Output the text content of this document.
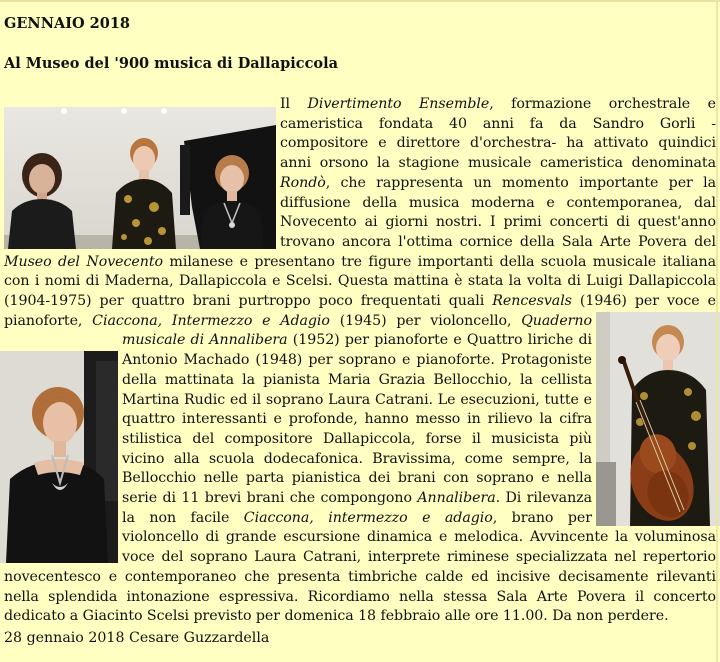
GENNAIO 2018

Al Museo del '900 musica di Dallapiccola

Il Divertimento Ensemble
, formazione orchestrale e cameristica fondata 40 anni fa da Sandro Gorli - compositore e direttore d'orchestra- ha attivato quindici anni orsono la stagione musicale cameristica denominata Rondò, che rappresenta un momento importante per la diffusione della musica moderna e contemporanea, dal Novecento ai giorni nostri. I primi concerti di quest'anno trovano ancora l'ottima cornice della Sala Arte Povera del Museo del Novecento milanese e presentano tre figure importanti della scuola musicale italiana con i nomi di Maderna, Dallapiccola e Scelsi. Questa mattina è stata la volta di Luigi Dallapiccola (1904-1975) per quattro brani purtroppo poco frequentati quali Rencesvals (1946) per voce e pianoforte,
Ciaccona, Intermezzo e Adagio (1945) per violoncello, Quaderno musicale di Annalibera
(1952) per pianoforte e Quattro liriche di Antonio Machado (1948) per soprano e pianoforte. Protagoniste della mattinata la pianista Maria Grazia Bellocchio, la cellista Martina Rudic ed il soprano Laura Catrani. Le esecuzioni, tutte e quattro interessanti e profonde, hanno messo in rilievo la cifra stilistica del compositore Dallapiccola, forse il musicista più vicino alla scuola dodecafonica. Bravissima, come sempre, la Bellocchio nelle parta pianistica dei brani con soprano e nella serie di 11 brevi brani che compongono Annalibera. Di rilevanza la non facile Ciaccona, intermezzo e adagio, brano per violoncello di grande escursione dinamica e melodica. Avvincente la voluminosa voce del soprano Laura Catrani, interprete riminese specializzata nel repertorio novecentesco e contemporaneo che presenta timbriche calde ed incisive decisamente rilevanti nella splendida intonazione espressiva. Ricordiamo nella stessa Sala Arte Povera il concerto dedicato a Giacinto Scelsi previsto per domenica 18 febbraio alle ore 11.00. Da non perdere.
28 gennaio 2018 Cesare Guzzardella
